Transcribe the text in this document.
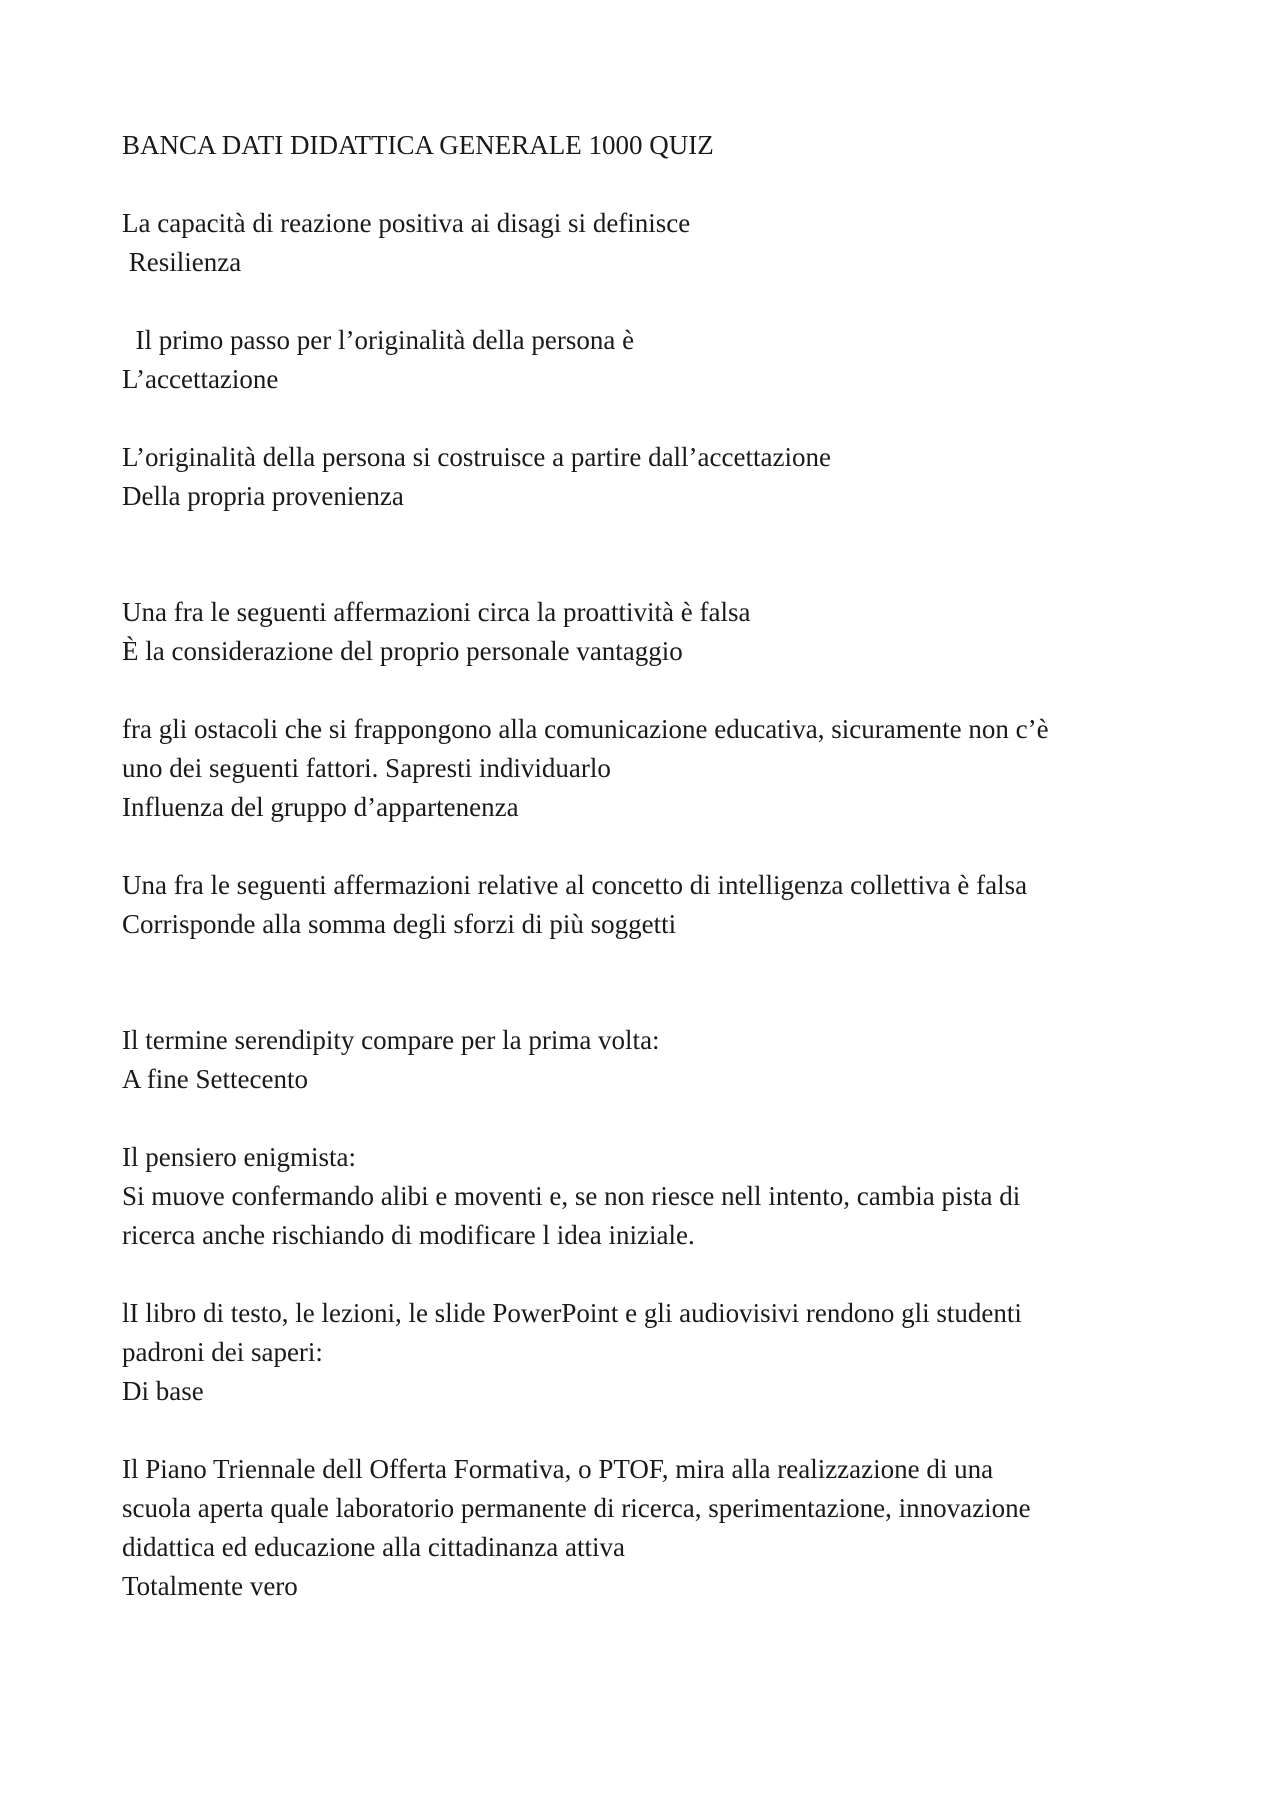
BANCA DATI DIDATTICA GENERALE 1000 QUIZ
La capacità di reazione positiva ai disagi si definisce
Resilienza
Il primo passo per l’originalità della persona è
L’accettazione
L’originalità della persona si costruisce a partire dall’accettazione
Della propria provenienza
Una fra le seguenti affermazioni circa la proattività è falsa
È la considerazione del proprio personale vantaggio
fra gli ostacoli che si frappongono alla comunicazione educativa, sicuramente non c’è
uno dei seguenti fattori. Sapresti individuarlo
Influenza del gruppo d’appartenenza
Una fra le seguenti affermazioni relative al concetto di intelligenza collettiva è falsa
Corrisponde alla somma degli sforzi di più soggetti
Il termine serendipity compare per la prima volta:
A fine Settecento
Il pensiero enigmista:
Si muove confermando alibi e moventi e, se non riesce nell intento, cambia pista di
ricerca anche rischiando di modificare l idea iniziale.
lI libro di testo, le lezioni, le slide PowerPoint e gli audiovisivi rendono gli studenti
padroni dei saperi:
Di base
Il Piano Triennale dell Offerta Formativa, o PTOF, mira alla realizzazione di una
scuola aperta quale laboratorio permanente di ricerca, sperimentazione, innovazione
didattica ed educazione alla cittadinanza attiva
Totalmente vero
